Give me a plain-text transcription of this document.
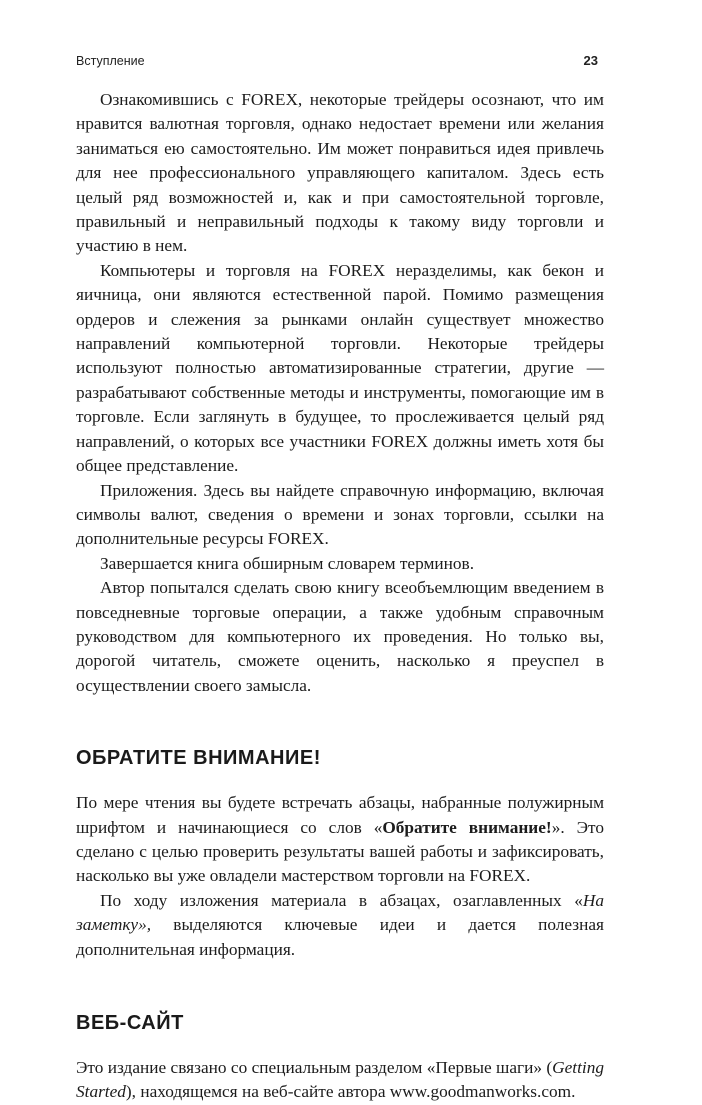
Вступление	23

Ознакомившись с FOREX, некоторые трейдеры осознают, что им нравится валютная торговля, однако недостает времени или желания заниматься ею самостоятельно. Им может понравиться идея привлечь для нее профессионального управляющего капиталом. Здесь есть целый ряд возможностей и, как и при самостоятельной торговле, правильный и неправильный подходы к такому виду торговли и участию в нем.

Компьютеры и торговля на FOREX неразделимы, как бекон и яичница, они являются естественной парой. Помимо размещения ордеров и слежения за рынками онлайн существует множество направлений компьютерной торговли. Некоторые трейдеры используют полностью автоматизированные стратегии, другие — разрабатывают собственные методы и инструменты, помогающие им в торговле. Если заглянуть в будущее, то прослеживается целый ряд направлений, о которых все участники FOREX должны иметь хотя бы общее представление.

Приложения. Здесь вы найдете справочную информацию, включая символы валют, сведения о времени и зонах торговли, ссылки на дополнительные ресурсы FOREX.

Завершается книга обширным словарем терминов.

Автор попытался сделать свою книгу всеобъемлющим введением в повседневные торговые операции, а также удобным справочным руководством для компьютерного их проведения. Но только вы, дорогой читатель, сможете оценить, насколько я преуспел в осуществлении своего замысла.

ОБРАТИТЕ ВНИМАНИЕ!

По мере чтения вы будете встречать абзацы, набранные полужирным шрифтом и начинающиеся со слов «Обратите внимание!». Это сделано с целью проверить результаты вашей работы и зафиксировать, насколько вы уже овладели мастерством торговли на FOREX.

По ходу изложения материала в абзацах, озаглавленных «На заметку», выделяются ключевые идеи и дается полезная дополнительная информация.

ВЕБ-САЙТ

Это издание связано со специальным разделом «Первые шаги» (Getting Started), находящемся на веб-сайте автора www.goodmanworks.com.
